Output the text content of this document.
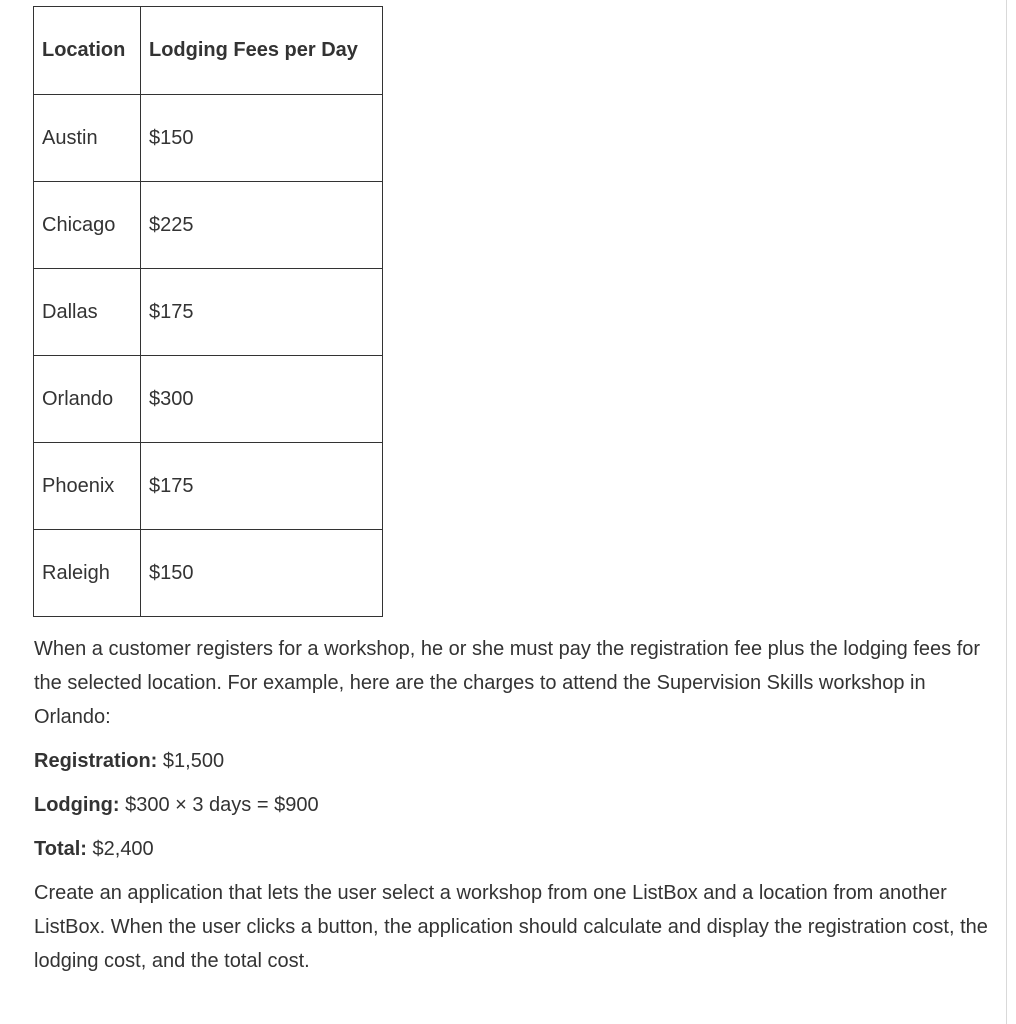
Location	Lodging Fees per Day
Austin	$150
Chicago	$225
Dallas	$175
Orlando	$300
Phoenix	$175
Raleigh	$150

When a customer registers for a workshop, he or she must pay the registration fee plus the lodging fees for the selected location. For example, here are the charges to attend the Supervision Skills workshop in Orlando:

Registration: $1,500

Lodging: $300 × 3 days = $900

Total: $2,400

Create an application that lets the user select a workshop from one ListBox and a location from another ListBox. When the user clicks a button, the application should calculate and display the registration cost, the lodging cost, and the total cost.
